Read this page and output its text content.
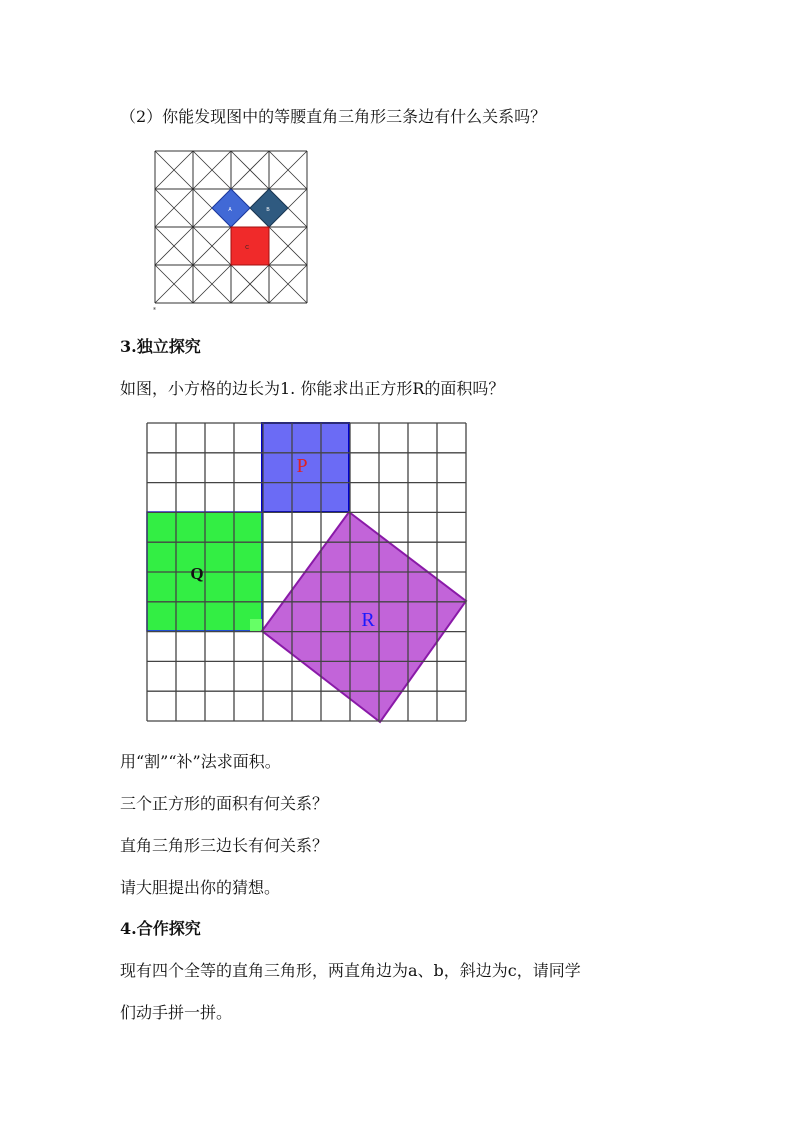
（2）你能发现图中的等腰直角三角形三条边有什么关系吗？
A	B
C
*
3.独立探究
如图，小方格的边长为1. 你能求出正方形R的面积吗？
P
Q
R
用“割”“补”法求面积。
三个正方形的面积有何关系？
直角三角形三边长有何关系？
请大胆提出你的猜想。
4.合作探究
现有四个全等的直角三角形，两直角边为a、b，斜边为c，请同学
们动手拼一拼。
